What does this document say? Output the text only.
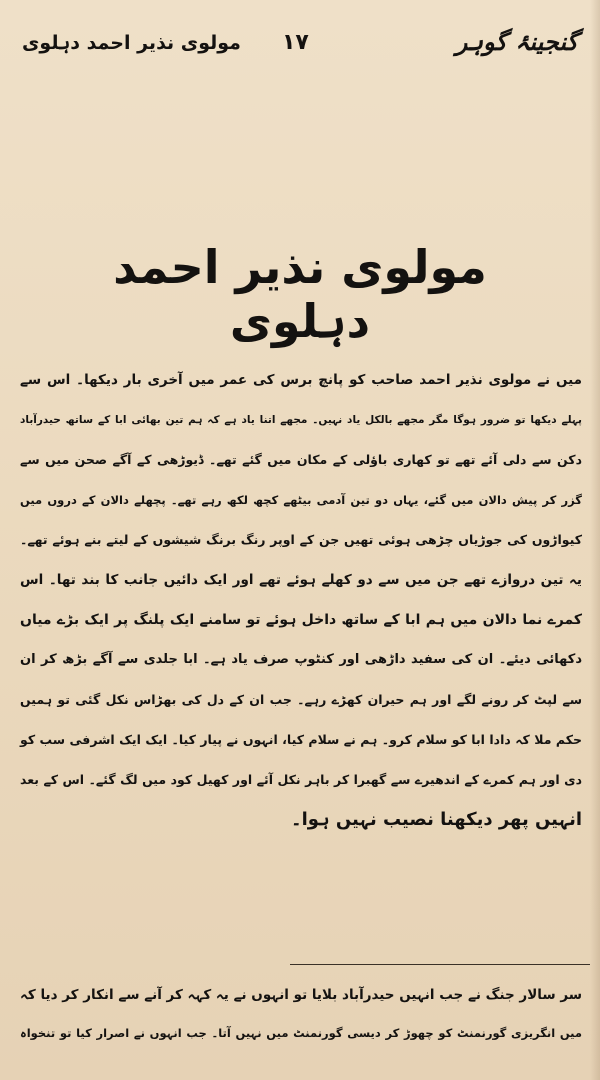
گنجینۂ گوہر
۱۷
مولوی نذیر احمد دہلوی
مولوی نذیر احمد دہلوی
میں نے مولوی نذیر احمد صاحب کو پانچ برس کی عمر میں آخری بار دیکھا۔ اس سے
پہلے دیکھا تو ضرور ہوگا مگر مجھے بالکل یاد نہیں۔ مجھے اتنا یاد ہے کہ ہم تین بھائی ابا کے ساتھ حیدرآباد
دکن سے دلی آئے تھے تو کھاری باؤلی کے مکان میں گئے تھے۔ ڈیوڑھی کے آگے صحن میں سے
گزر کر پیش دالان میں گئے، یہاں دو تین آدمی بیٹھے کچھ لکھ رہے تھے۔ پچھلے دالان کے دروں میں
کیواڑوں کی جوڑیاں چڑھی ہوئی تھیں جن کے اوپر رنگ برنگ شیشوں کے لیتے بنے ہوئے تھے۔
یہ تین دروازے تھے جن میں سے دو کھلے ہوئے تھے اور ایک دائیں جانب کا بند تھا۔ اس
کمرے نما دالان میں ہم ابا کے ساتھ داخل ہوئے تو سامنے ایک پلنگ پر ایک بڑے میاں
دکھائی دیئے۔ ان کی سفید داڑھی اور کنٹوپ صرف یاد ہے۔ ابا جلدی سے آگے بڑھ کر ان
سے لپٹ کر رونے لگے اور ہم حیران کھڑے رہے۔ جب ان کے دل کی بھڑاس نکل گئی تو ہمیں
حکم ملا کہ دادا ابا کو سلام کرو۔ ہم نے سلام کیا، انہوں نے پیار کیا۔ ایک ایک اشرفی سب کو
دی اور ہم کمرے کے اندھیرے سے گھبرا کر باہر نکل آئے اور کھیل کود میں لگ گئے۔ اس کے بعد
انہیں پھر دیکھنا نصیب نہیں ہوا۔
سر سالار جنگ نے جب انہیں حیدرآباد بلایا تو انہوں نے یہ کہہ کر آنے سے انکار کر دیا کہ
میں انگریزی گورنمنٹ کو چھوڑ کر دیسی گورنمنٹ میں نہیں آتا۔ جب انہوں نے اصرار کیا تو تنخواہ
